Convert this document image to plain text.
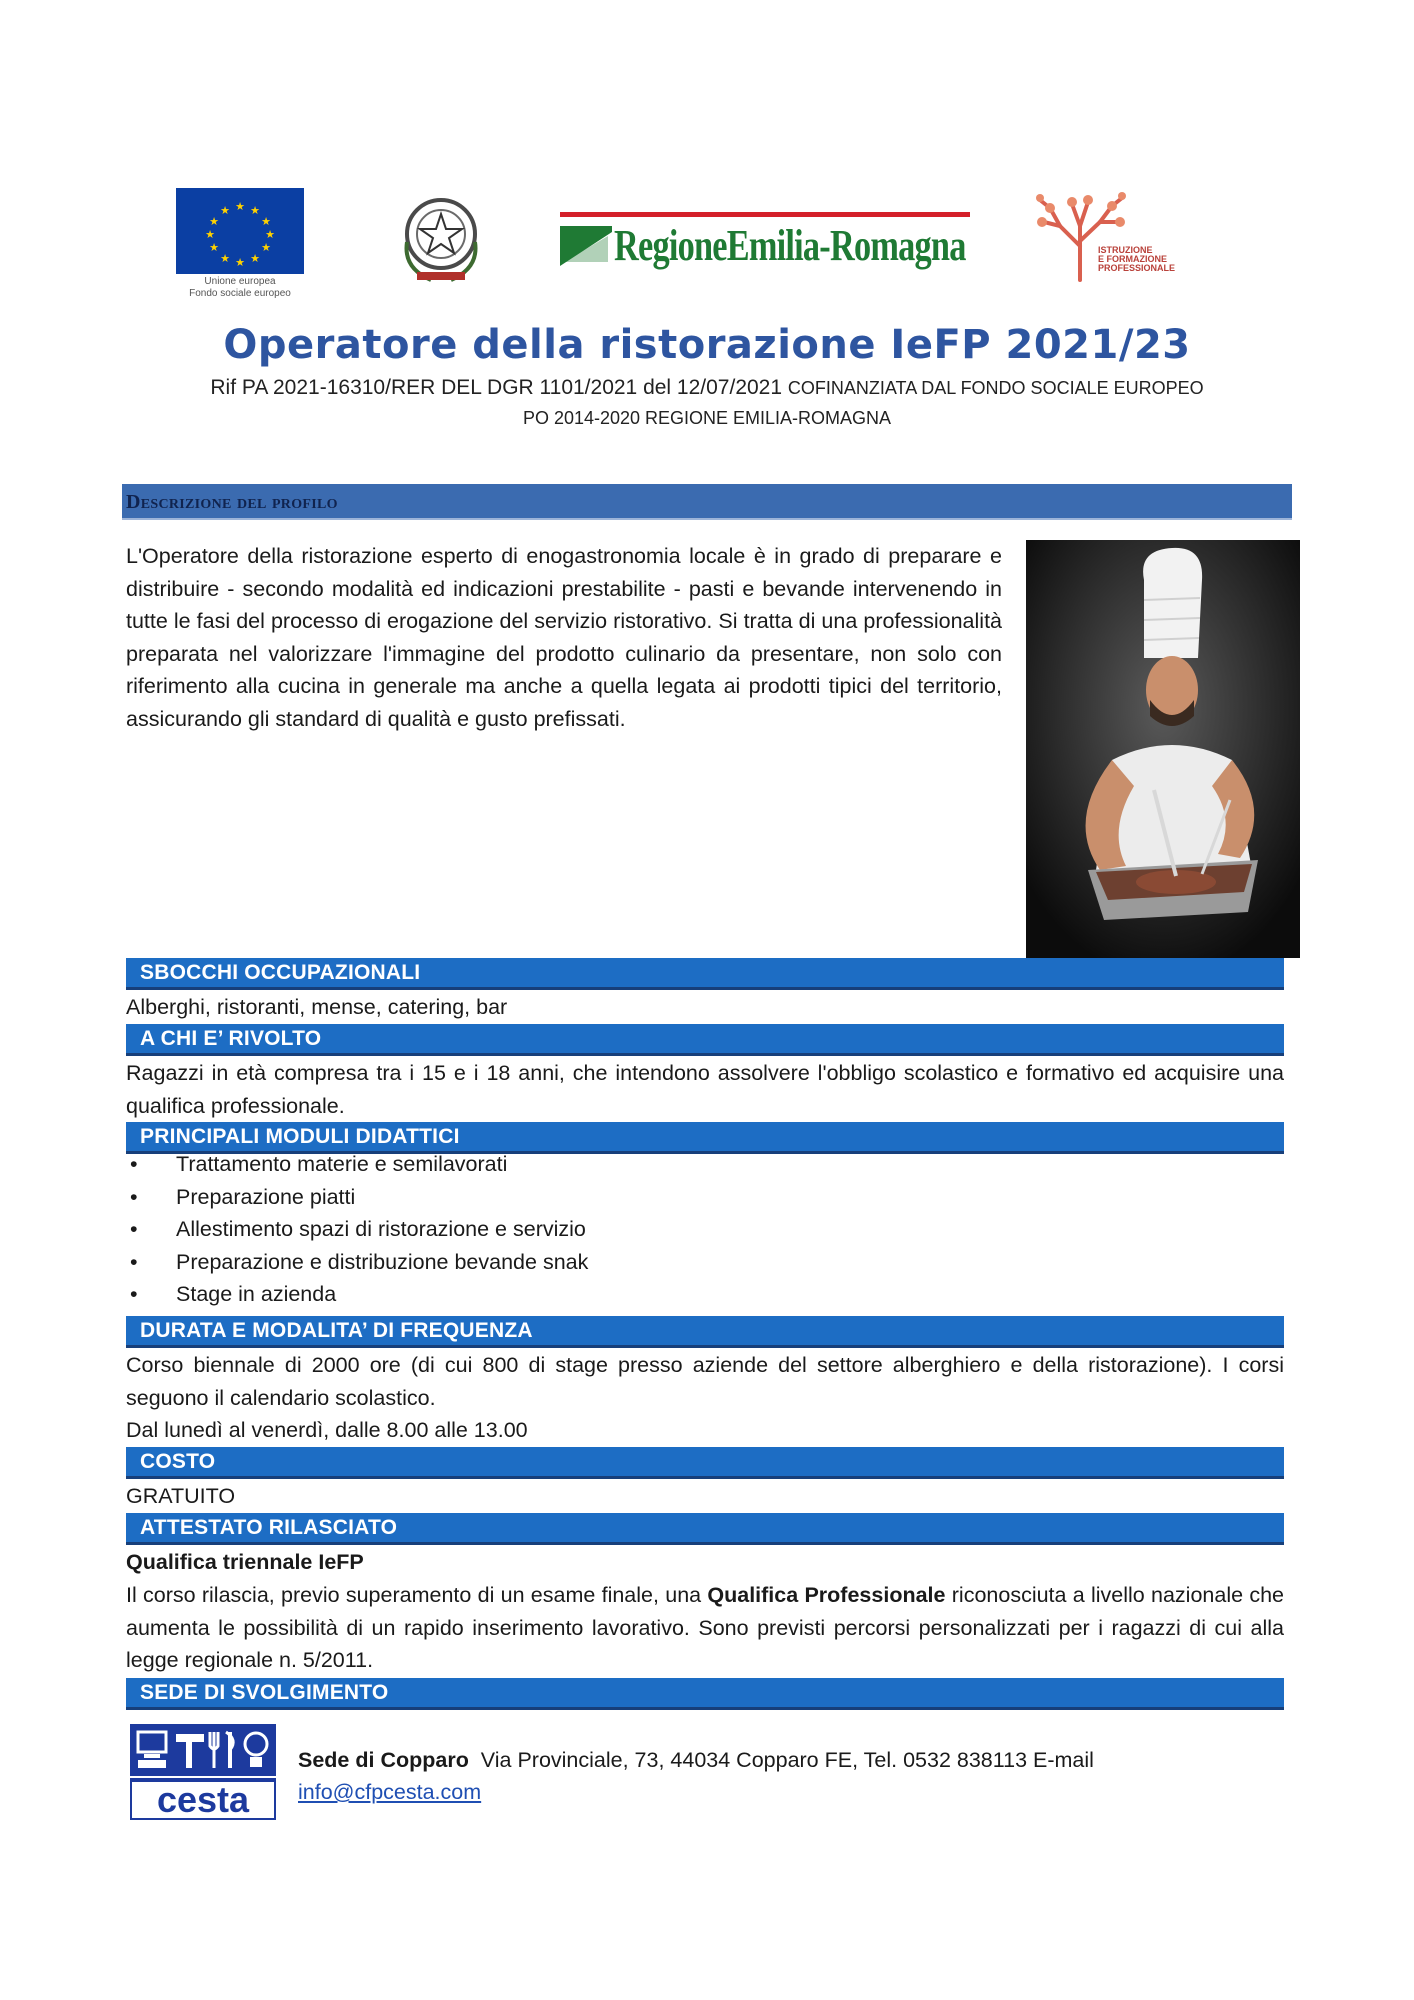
★ ★
★
★
★
★
★
★
★
★
★
★
Unione europea
Fondo sociale europeo
RegioneEmilia-Romagna	ISTRUZIONE
E FORMAZIONE
PROFESSIONALE
Operatore della ristorazione IeFP 2021/23
Rif PA 2021-16310/RER DEL DGR 1101/2021 del 12/07/2021 COFINANZIATA DAL FONDO SOCIALE EUROPEO
PO 2014-2020 REGIONE EMILIA-ROMAGNA
Descrizione del profilo
L'Operatore della ristorazione esperto di enogastronomia locale è in grado di preparare e distribuire - secondo modalità ed indicazioni prestabilite - pasti e bevande intervenendo in tutte le fasi del processo di erogazione del servizio ristorativo. Si tratta di una professionalità preparata nel valorizzare l'immagine del prodotto culinario da presentare, non solo con riferimento alla cucina in generale ma anche a quella legata ai prodotti tipici del territorio, assicurando gli standard di qualità e gusto prefissati.
SBOCCHI OCCUPAZIONALI
Alberghi, ristoranti, mense, catering, bar
A CHI E’ RIVOLTO
Ragazzi in età compresa tra i 15 e i 18 anni, che intendono assolvere l'obbligo scolastico e formativo ed acquisire una qualifica professionale.
PRINCIPALI MODULI DIDATTICI
• Trattamento materie e semilavorati
• Preparazione piatti
• Allestimento spazi di ristorazione e servizio
• Preparazione e distribuzione bevande snak
• Stage in azienda
DURATA E MODALITA’ DI FREQUENZA
Corso biennale di 2000 ore (di cui 800 di stage presso aziende del settore alberghiero e della ristorazione). I corsi seguono il calendario scolastico.
Dal lunedì al venerdì, dalle 8.00 alle 13.00
COSTO
GRATUITO
ATTESTATO RILASCIATO
Qualifica triennale IeFP
Il corso rilascia, previo superamento di un esame finale, una Qualifica Professionale riconosciuta a livello nazionale che aumenta le possibilità di un rapido inserimento lavorativo. Sono previsti percorsi personalizzati per i ragazzi di cui alla legge regionale n. 5/2011.
SEDE DI SVOLGIMENTO
cesta
Sede di Copparo Via Provinciale, 73, 44034 Copparo FE, Tel. 0532 838113 E-mail
info@cfpcesta.com
